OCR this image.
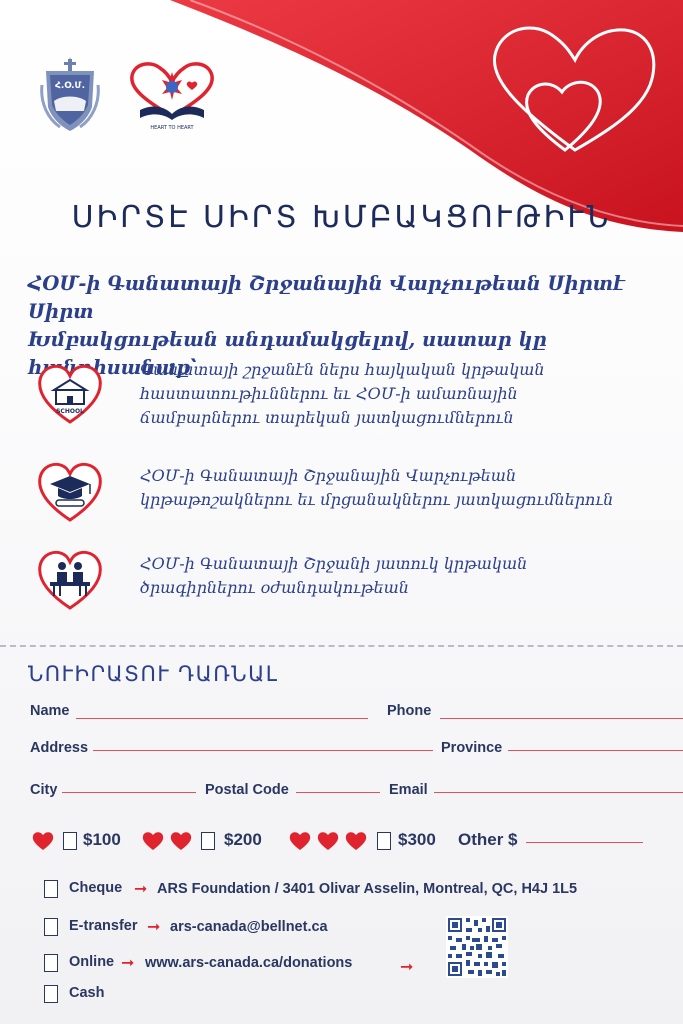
Հ.Օ.Մ.
HEART TO HEART
ՍԻՐՏԷ ՍԻՐՏ ԽՄԲԱԿՑՈՒԹԻՒՆ
ՀՕՄ-ի Գանատայի Շրջանային Վարչութեան Սիրտէ Սիրտ
Խմբակցութեան անդամակցելով, սատար կը հանդիսանաք՝
SCHOOL
Գանատայի շրջանէն ներս հայկական կրթական
հաստատութիւններու եւ ՀՕՄ-ի ամառնային
ճամբարներու տարեկան յատկացումներուն
ՀՕՄ-ի Գանատայի Շրջանային Վարչութեան
կրթաթոշակներու եւ մրցանակներու յատկացումներուն
ՀՕՄ-ի Գանատայի Շրջանի յատուկ կրթական
ծրագիրներու օժանդակութեան
ՆՈՒԻՐԱՏՈՒ ԴԱՌՆԱԼ
Name	Phone
Address	Province
City	Postal Code	Email
$100	$200	$300 Other $
Cheque ➞ ARS Foundation / 3401 Olivar Asselin, Montreal, QC, H4J 1L5
E-transfer ➞ ars-canada@bellnet.ca
Online ➞ www.ars-canada.ca/donations	➞
Cash
